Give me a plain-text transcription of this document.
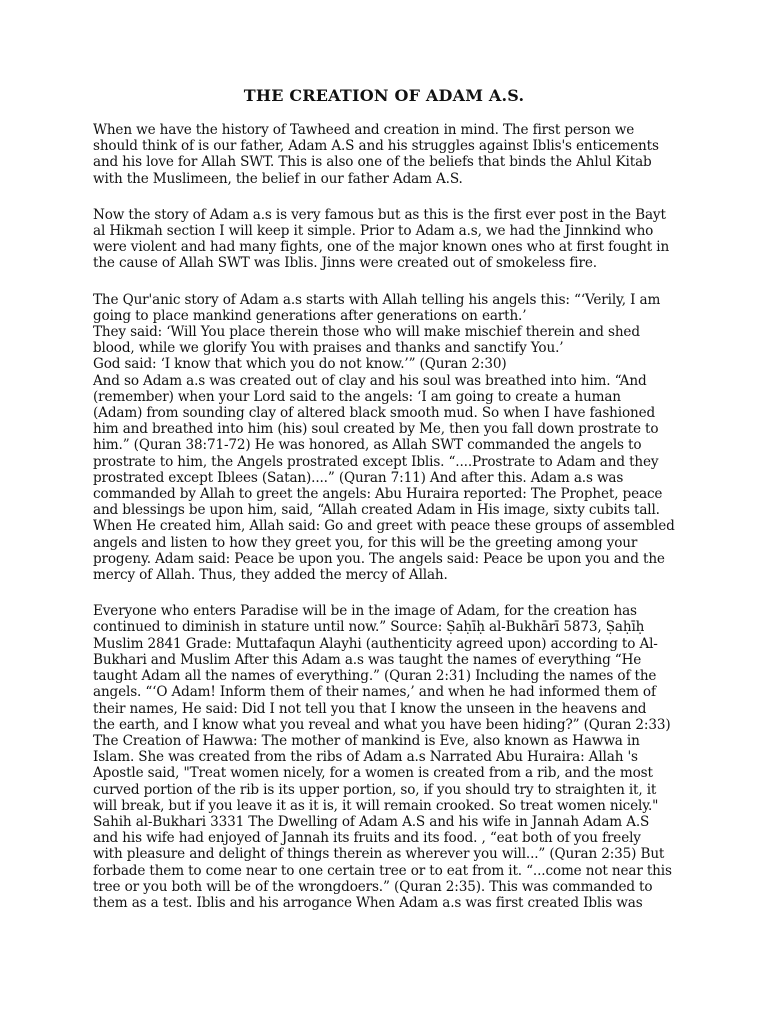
THE CREATION OF ADAM A.S.

When we have the history of Tawheed and creation in mind. The first person we
should think of is our father, Adam A.S and his struggles against Iblis's enticements
and his love for Allah SWT. This is also one of the beliefs that binds the Ahlul Kitab
with the Muslimeen, the belief in our father Adam A.S.

Now the story of Adam a.s is very famous but as this is the first ever post in the Bayt
al Hikmah section I will keep it simple. Prior to Adam a.s, we had the Jinnkind who
were violent and had many fights, one of the major known ones who at first fought in
the cause of Allah SWT was Iblis. Jinns were created out of smokeless fire.

The Qur'anic story of Adam a.s starts with Allah telling his angels this: “‘Verily, I am
going to place mankind generations after generations on earth.’
They said: ‘Will You place therein those who will make mischief therein and shed
blood, while we glorify You with praises and thanks and sanctify You.’
God said: ‘I know that which you do not know.’” (Quran 2:30)
And so Adam a.s was created out of clay and his soul was breathed into him. “And
(remember) when your Lord said to the angels: ‘I am going to create a human
(Adam) from sounding clay of altered black smooth mud. So when I have fashioned
him and breathed into him (his) soul created by Me, then you fall down prostrate to
him.” (Quran 38:71-72) He was honored, as Allah SWT commanded the angels to
prostrate to him, the Angels prostrated except Iblis. “....Prostrate to Adam and they
prostrated except Iblees (Satan)....” (Quran 7:11) And after this. Adam a.s was
commanded by Allah to greet the angels: Abu Huraira reported: The Prophet, peace
and blessings be upon him, said, “Allah created Adam in His image, sixty cubits tall.
When He created him, Allah said: Go and greet with peace these groups of assembled
angels and listen to how they greet you, for this will be the greeting among your
progeny. Adam said: Peace be upon you. The angels said: Peace be upon you and the
mercy of Allah. Thus, they added the mercy of Allah.

Everyone who enters Paradise will be in the image of Adam, for the creation has
continued to diminish in stature until now.” Source: Ṣaḥīḥ al-Bukhārī 5873, Ṣaḥīḥ
Muslim 2841 Grade: Muttafaqun Alayhi (authenticity agreed upon) according to Al-
Bukhari and Muslim After this Adam a.s was taught the names of everything “He
taught Adam all the names of everything.” (Quran 2:31) Including the names of the
angels. “‘O Adam! Inform them of their names,’ and when he had informed them of
their names, He said: Did I not tell you that I know the unseen in the heavens and
the earth, and I know what you reveal and what you have been hiding?” (Quran 2:33)
The Creation of Hawwa: The mother of mankind is Eve, also known as Hawwa in
Islam. She was created from the ribs of Adam a.s Narrated Abu Huraira: Allah 's
Apostle said, "Treat women nicely, for a women is created from a rib, and the most
curved portion of the rib is its upper portion, so, if you should try to straighten it, it
will break, but if you leave it as it is, it will remain crooked. So treat women nicely."
Sahih al-Bukhari 3331 The Dwelling of Adam A.S and his wife in Jannah Adam A.S
and his wife had enjoyed of Jannah its fruits and its food. , “eat both of you freely
with pleasure and delight of things therein as wherever you will...” (Quran 2:35) But
forbade them to come near to one certain tree or to eat from it. “...come not near this
tree or you both will be of the wrongdoers.” (Quran 2:35). This was commanded to
them as a test. Iblis and his arrogance When Adam a.s was first created Iblis was
